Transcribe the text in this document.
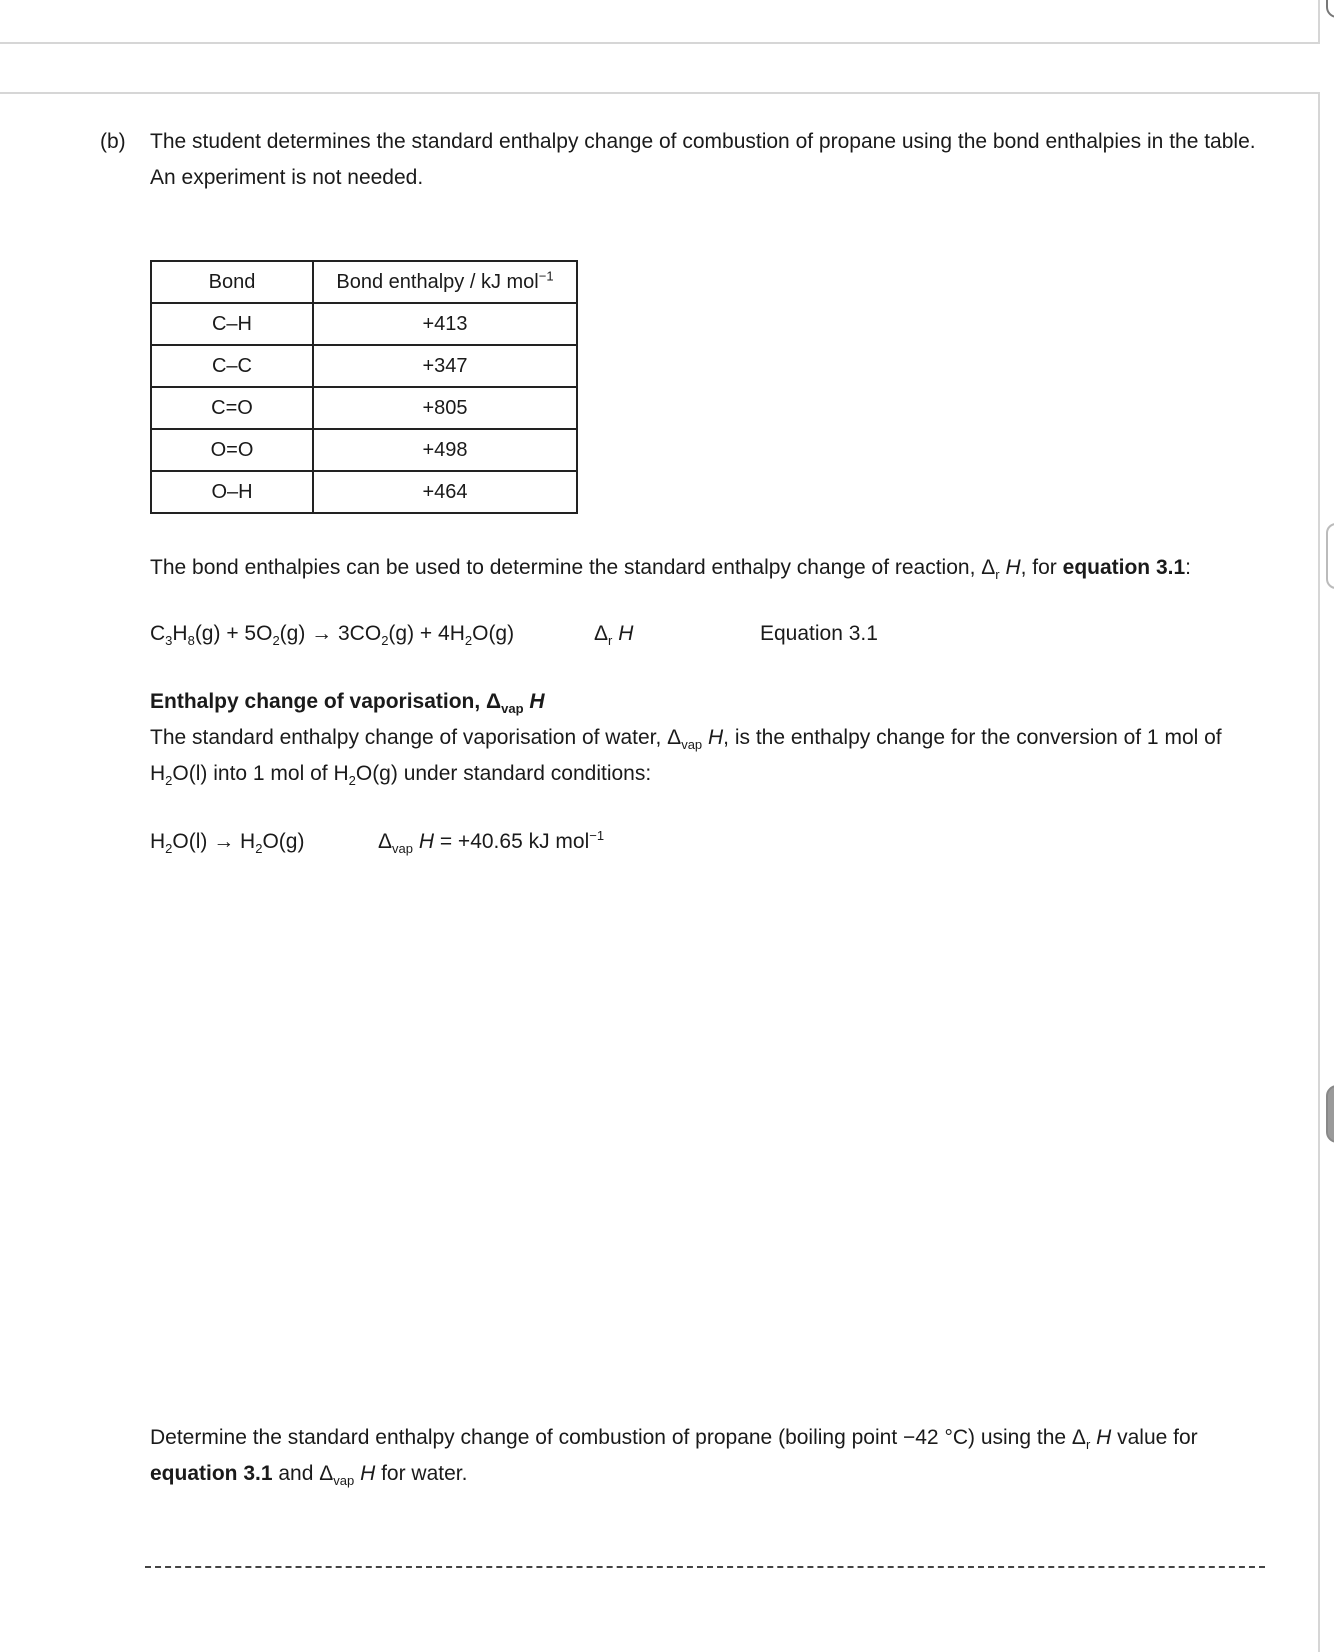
(b)	The student determines the standard enthalpy change of combustion of propane using the bond enthalpies in the table. An experiment is not needed.
Bond	Bond enthalpy / kJ mol$^{-1}$
C–H	+413
C–C	+347
C=O	+805
O=O	+498
O–H	+464
The bond enthalpies can be used to determine the standard enthalpy change of reaction, $\Delta_r$ H, for equation 3.1:
$C_3H_8(g) + 5O_2(g) \to 3CO_2(g) + 4H_2O(g)$	$\Delta_r$ H	Equation 3.1
Enthalpy change of vaporisation, $\Delta_{vap}$ H
The standard enthalpy change of vaporisation of water, $\Delta_{vap}$ H, is the enthalpy change for the conversion of 1 mol of $H_2O(l)$ into 1 mol of $H_2O(g)$ under standard conditions:
$H_2O(l) \to H_2O(g)$	$\Delta_{vap}$ H = +40.65 kJ mol$^{-1}$
Determine the standard enthalpy change of combustion of propane (boiling point −42 °C) using the $\Delta_r$ H value for equation 3.1 and $\Delta_{vap}$ H for water.
